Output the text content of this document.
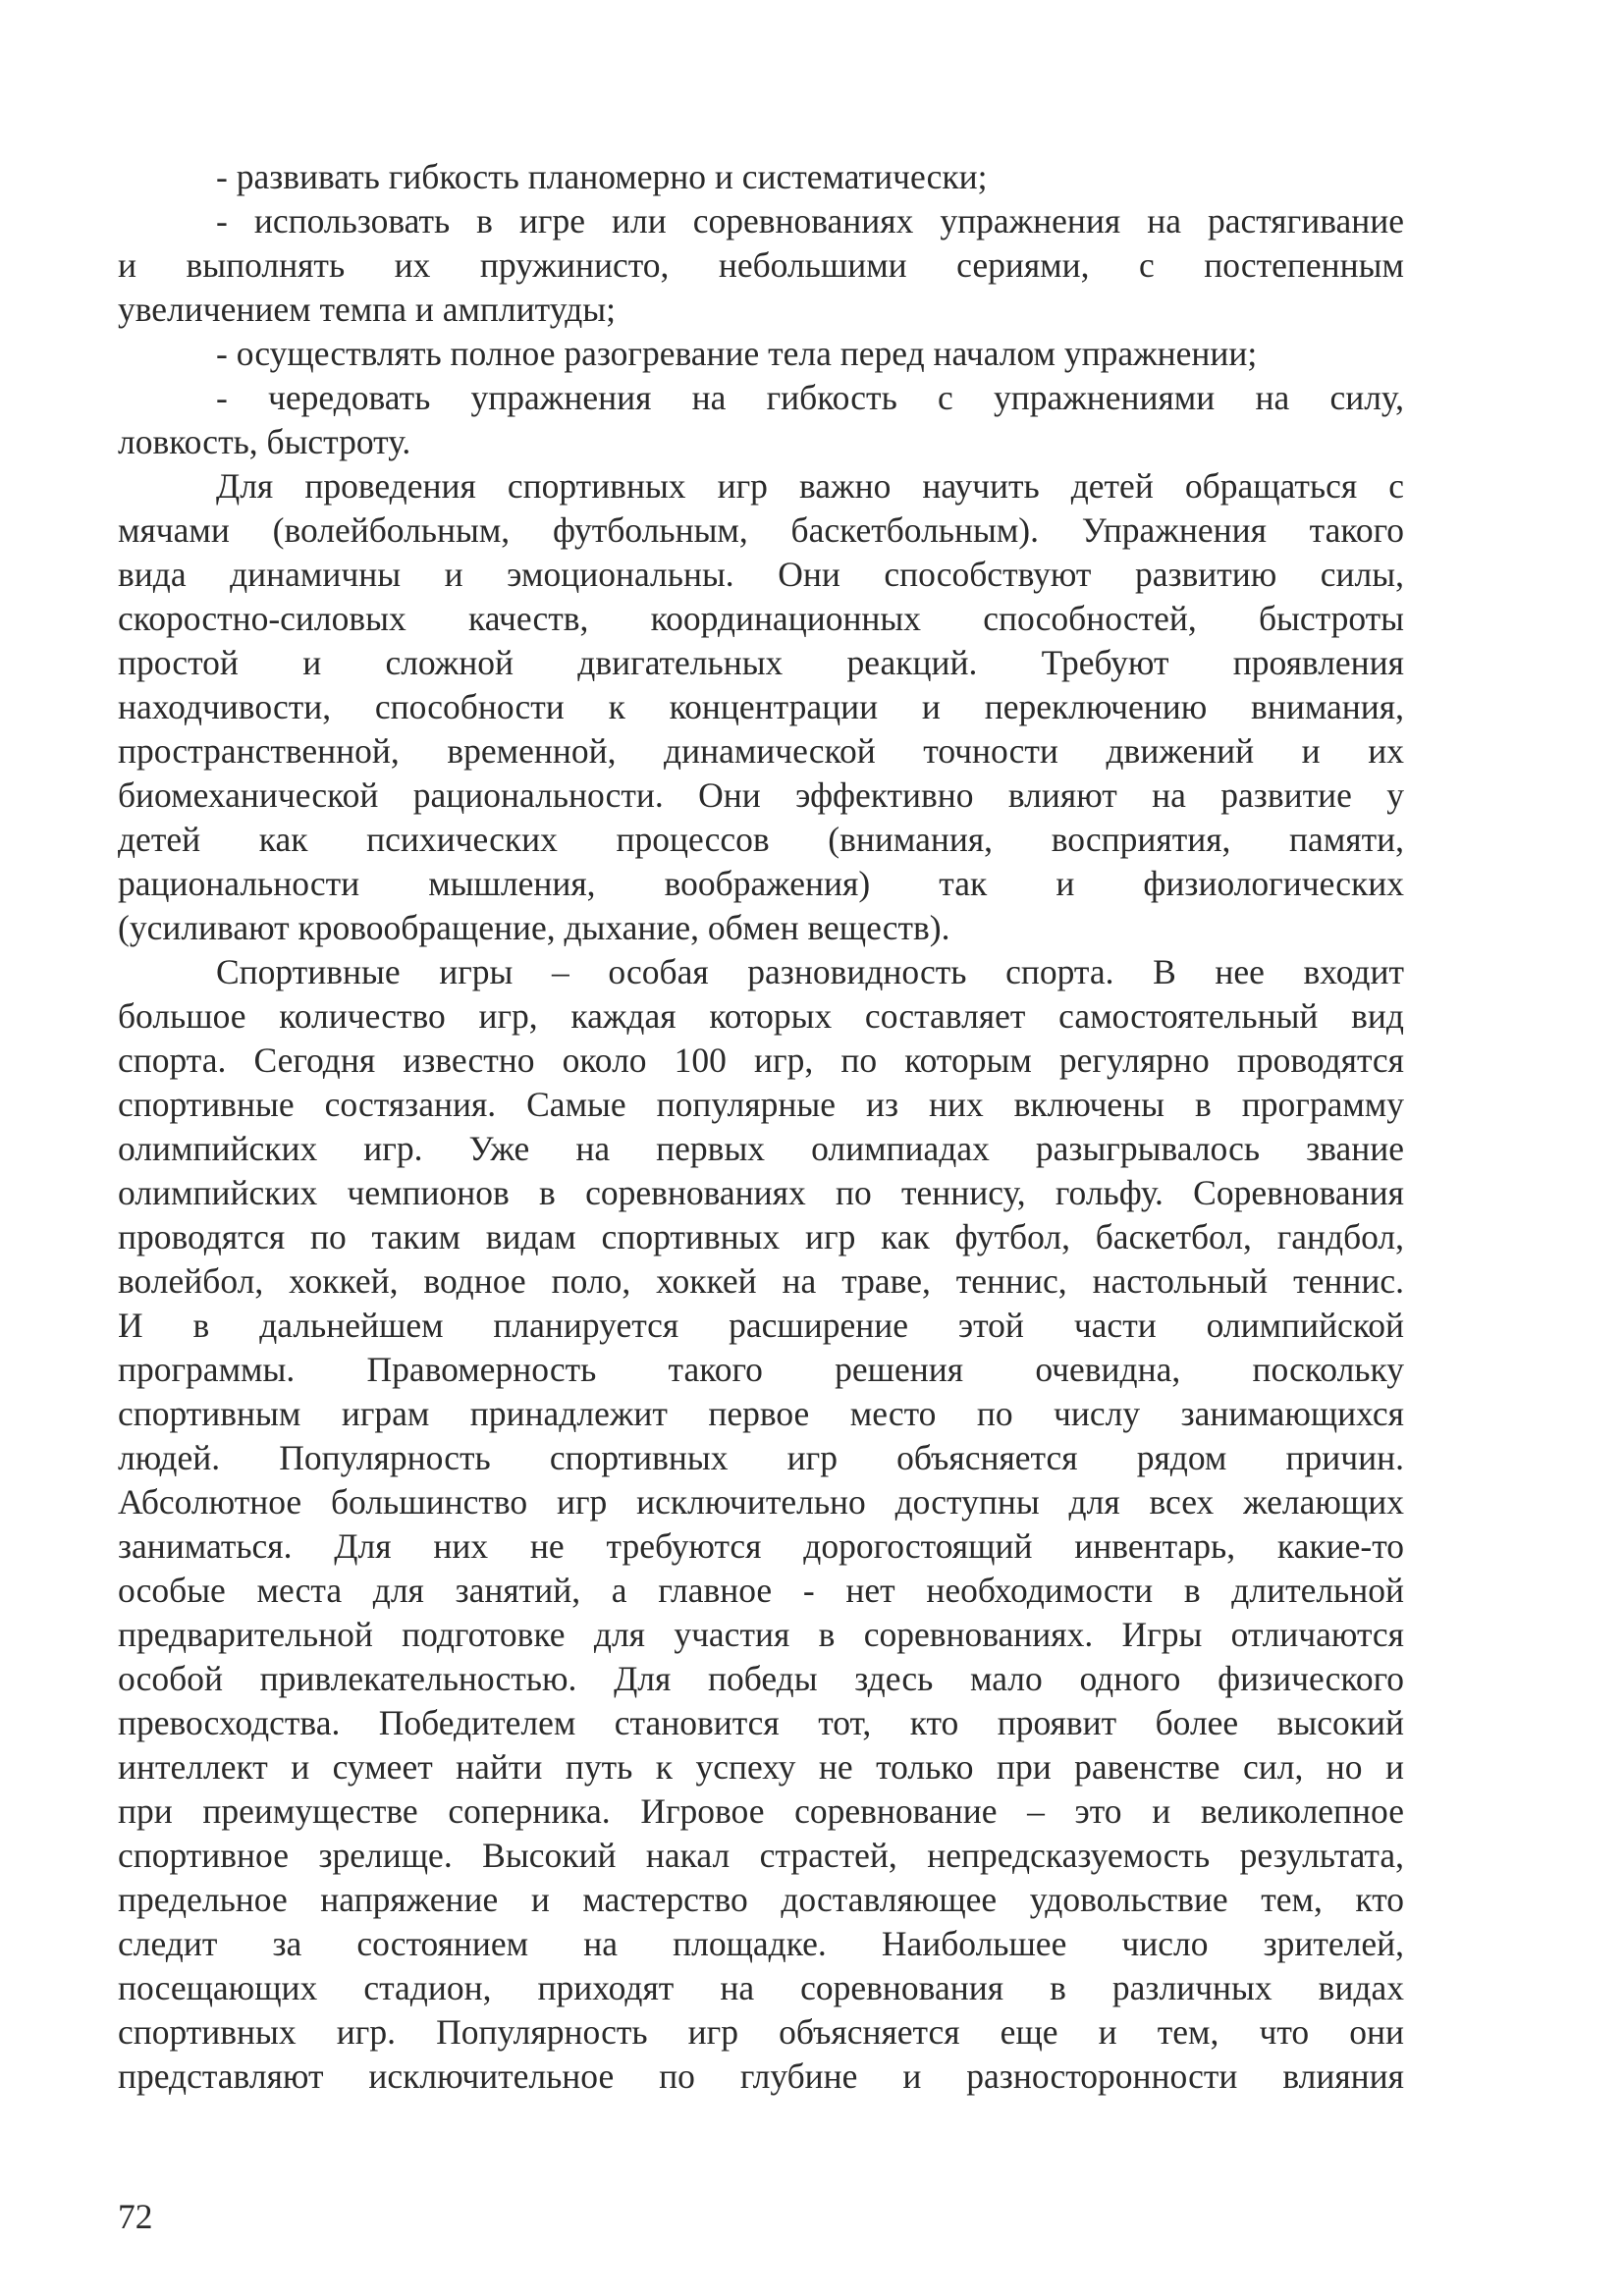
- развивать гибкость планомерно и систематически;
- использовать в игре или соревнованиях упражнения на растягивание
и выполнять их пружинисто, небольшими сериями, с постепенным
увеличением темпа и амплитуды;
- осуществлять полное разогревание тела перед началом упражнении;
- чередовать упражнения на гибкость с упражнениями на силу,
ловкость, быстроту.
Для проведения спортивных игр важно научить детей обращаться с
мячами (волейбольным, футбольным, баскетбольным). Упражнения такого
вида динамичны и эмоциональны. Они способствуют развитию силы,
скоростно-силовых качеств, координационных способностей, быстроты
простой и сложной двигательных реакций. Требуют проявления
находчивости, способности к концентрации и переключению внимания,
пространственной, временной, динамической точности движений и их
биомеханической рациональности. Они эффективно влияют на развитие у
детей как психических процессов (внимания, восприятия, памяти,
рациональности мышления, воображения) так и физиологических
(усиливают кровообращение, дыхание, обмен веществ).
Спортивные игры – особая разновидность спорта. В нее входит
большое количество игр, каждая которых составляет самостоятельный вид
спорта. Сегодня известно около 100 игр, по которым регулярно проводятся
спортивные состязания. Самые популярные из них включены в программу
олимпийских игр. Уже на первых олимпиадах разыгрывалось звание
олимпийских чемпионов в соревнованиях по теннису, гольфу. Соревнования
проводятся по таким видам спортивных игр как футбол, баскетбол, гандбол,
волейбол, хоккей, водное поло, хоккей на траве, теннис, настольный теннис.
И в дальнейшем планируется расширение этой части олимпийской
программы. Правомерность такого решения очевидна, поскольку
спортивным играм принадлежит первое место по числу занимающихся
людей. Популярность спортивных игр объясняется рядом причин.
Абсолютное большинство игр исключительно доступны для всех желающих
заниматься. Для них не требуются дорогостоящий инвентарь, какие-то
особые места для занятий, а главное - нет необходимости в длительной
предварительной подготовке для участия в соревнованиях. Игры отличаются
особой привлекательностью. Для победы здесь мало одного физического
превосходства. Победителем становится тот, кто проявит более высокий
интеллект и сумеет найти путь к успеху не только при равенстве сил, но и
при преимуществе соперника. Игровое соревнование – это и великолепное
спортивное зрелище. Высокий накал страстей, непредсказуемость результата,
предельное напряжение и мастерство доставляющее удовольствие тем, кто
следит за состоянием на площадке. Наибольшее число зрителей,
посещающих стадион, приходят на соревнования в различных видах
спортивных игр. Популярность игр объясняется еще и тем, что они
представляют исключительное по глубине и разносторонности влияния
72
